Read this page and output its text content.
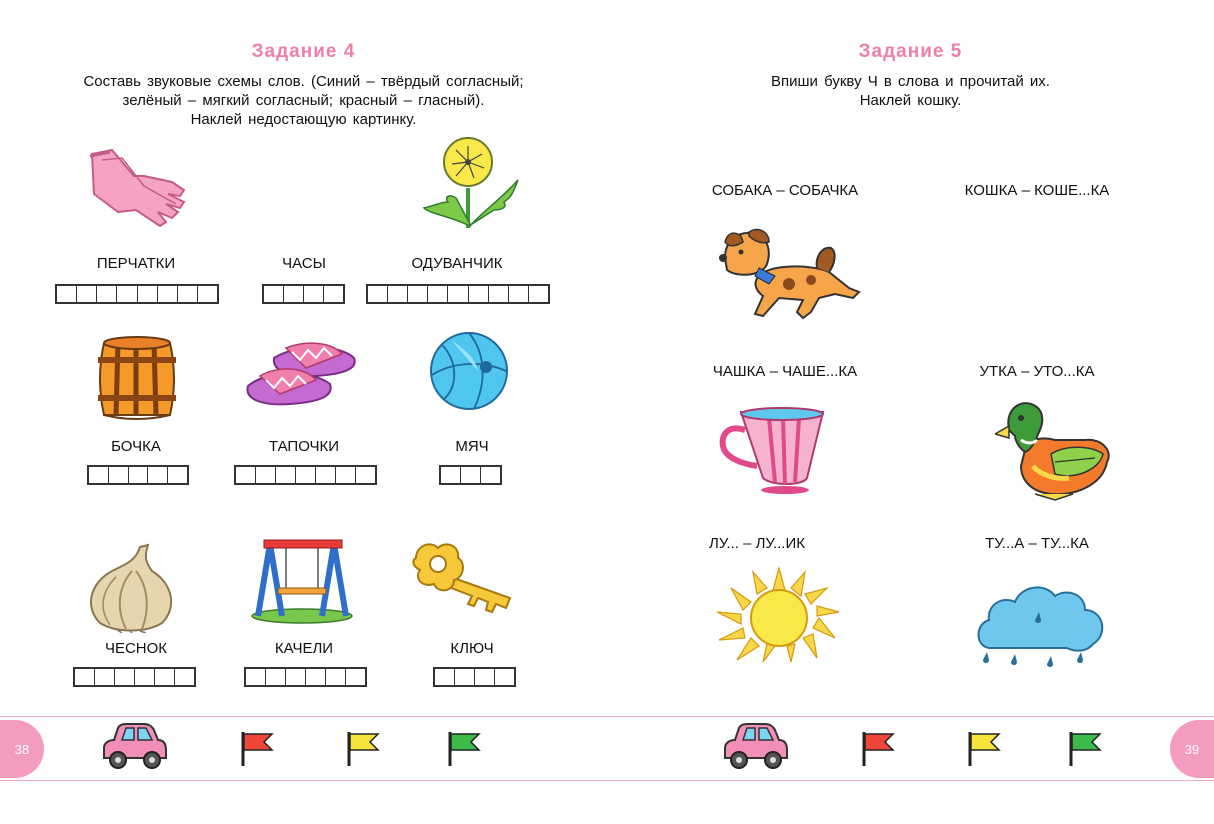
Задание 4
Составь звуковые схемы слов. (Синий – твёрдый согласный;
зелёный – мягкий согласный; красный – гласный).
Наклей недостающую картинку.
ПЕРЧАТКИ	ЧАСЫ	ОДУВАНЧИК
БОЧКА	ТАПОЧКИ	МЯЧ
ЧЕСНОК	КАЧЕЛИ	КЛЮЧ
38
Задание 5
Впиши букву Ч в слова и прочитай их.
Наклей кошку.
СОБАКА – СОБАЧКА	КОШКА – КОШЕ...КА
ЧАШКА – ЧАШЕ...КА	УТКА – УТО...КА
ЛУ... – ЛУ...ИК	ТУ...А – ТУ...КА
39
